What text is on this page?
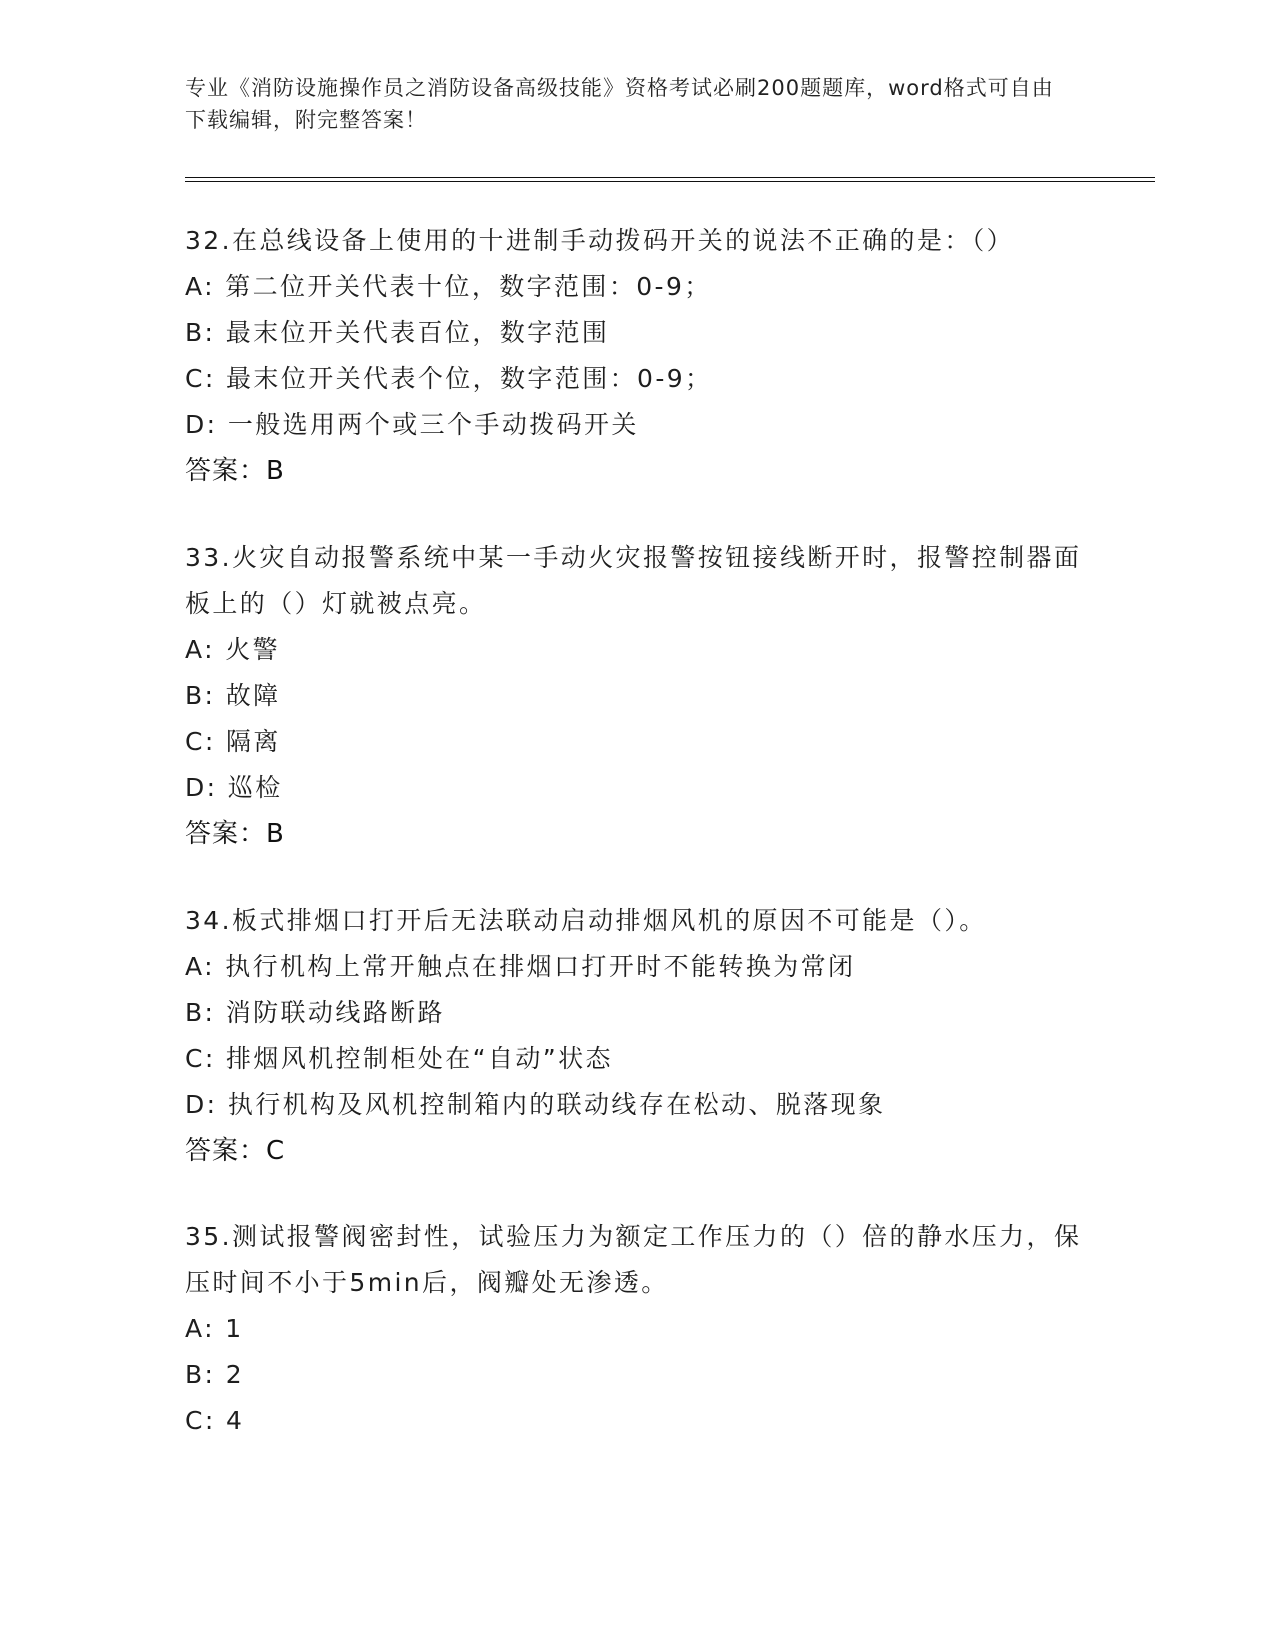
专业《消防设施操作员之消防设备高级技能》资格考试必刷200题题库，word格式可自由下载编辑，附完整答案！
32.在总线设备上使用的十进制手动拨码开关的说法不正确的是：（）
A: 第二位开关代表十位，数字范围：0-9；
B: 最末位开关代表百位，数字范围
C: 最末位开关代表个位，数字范围：0-9；
D: 一般选用两个或三个手动拨码开关
答案：B
33.火灾自动报警系统中某一手动火灾报警按钮接线断开时，报警控制器面板上的（）灯就被点亮。
A: 火警
B: 故障
C: 隔离
D: 巡检
答案：B
34.板式排烟口打开后无法联动启动排烟风机的原因不可能是（）。
A: 执行机构上常开触点在排烟口打开时不能转换为常闭
B: 消防联动线路断路
C: 排烟风机控制柜处在“自动”状态
D: 执行机构及风机控制箱内的联动线存在松动、脱落现象
答案：C
35.测试报警阀密封性，试验压力为额定工作压力的（）倍的静水压力，保压时间不小于5min后，阀瓣处无渗透。
A: 1
B: 2
C: 4
